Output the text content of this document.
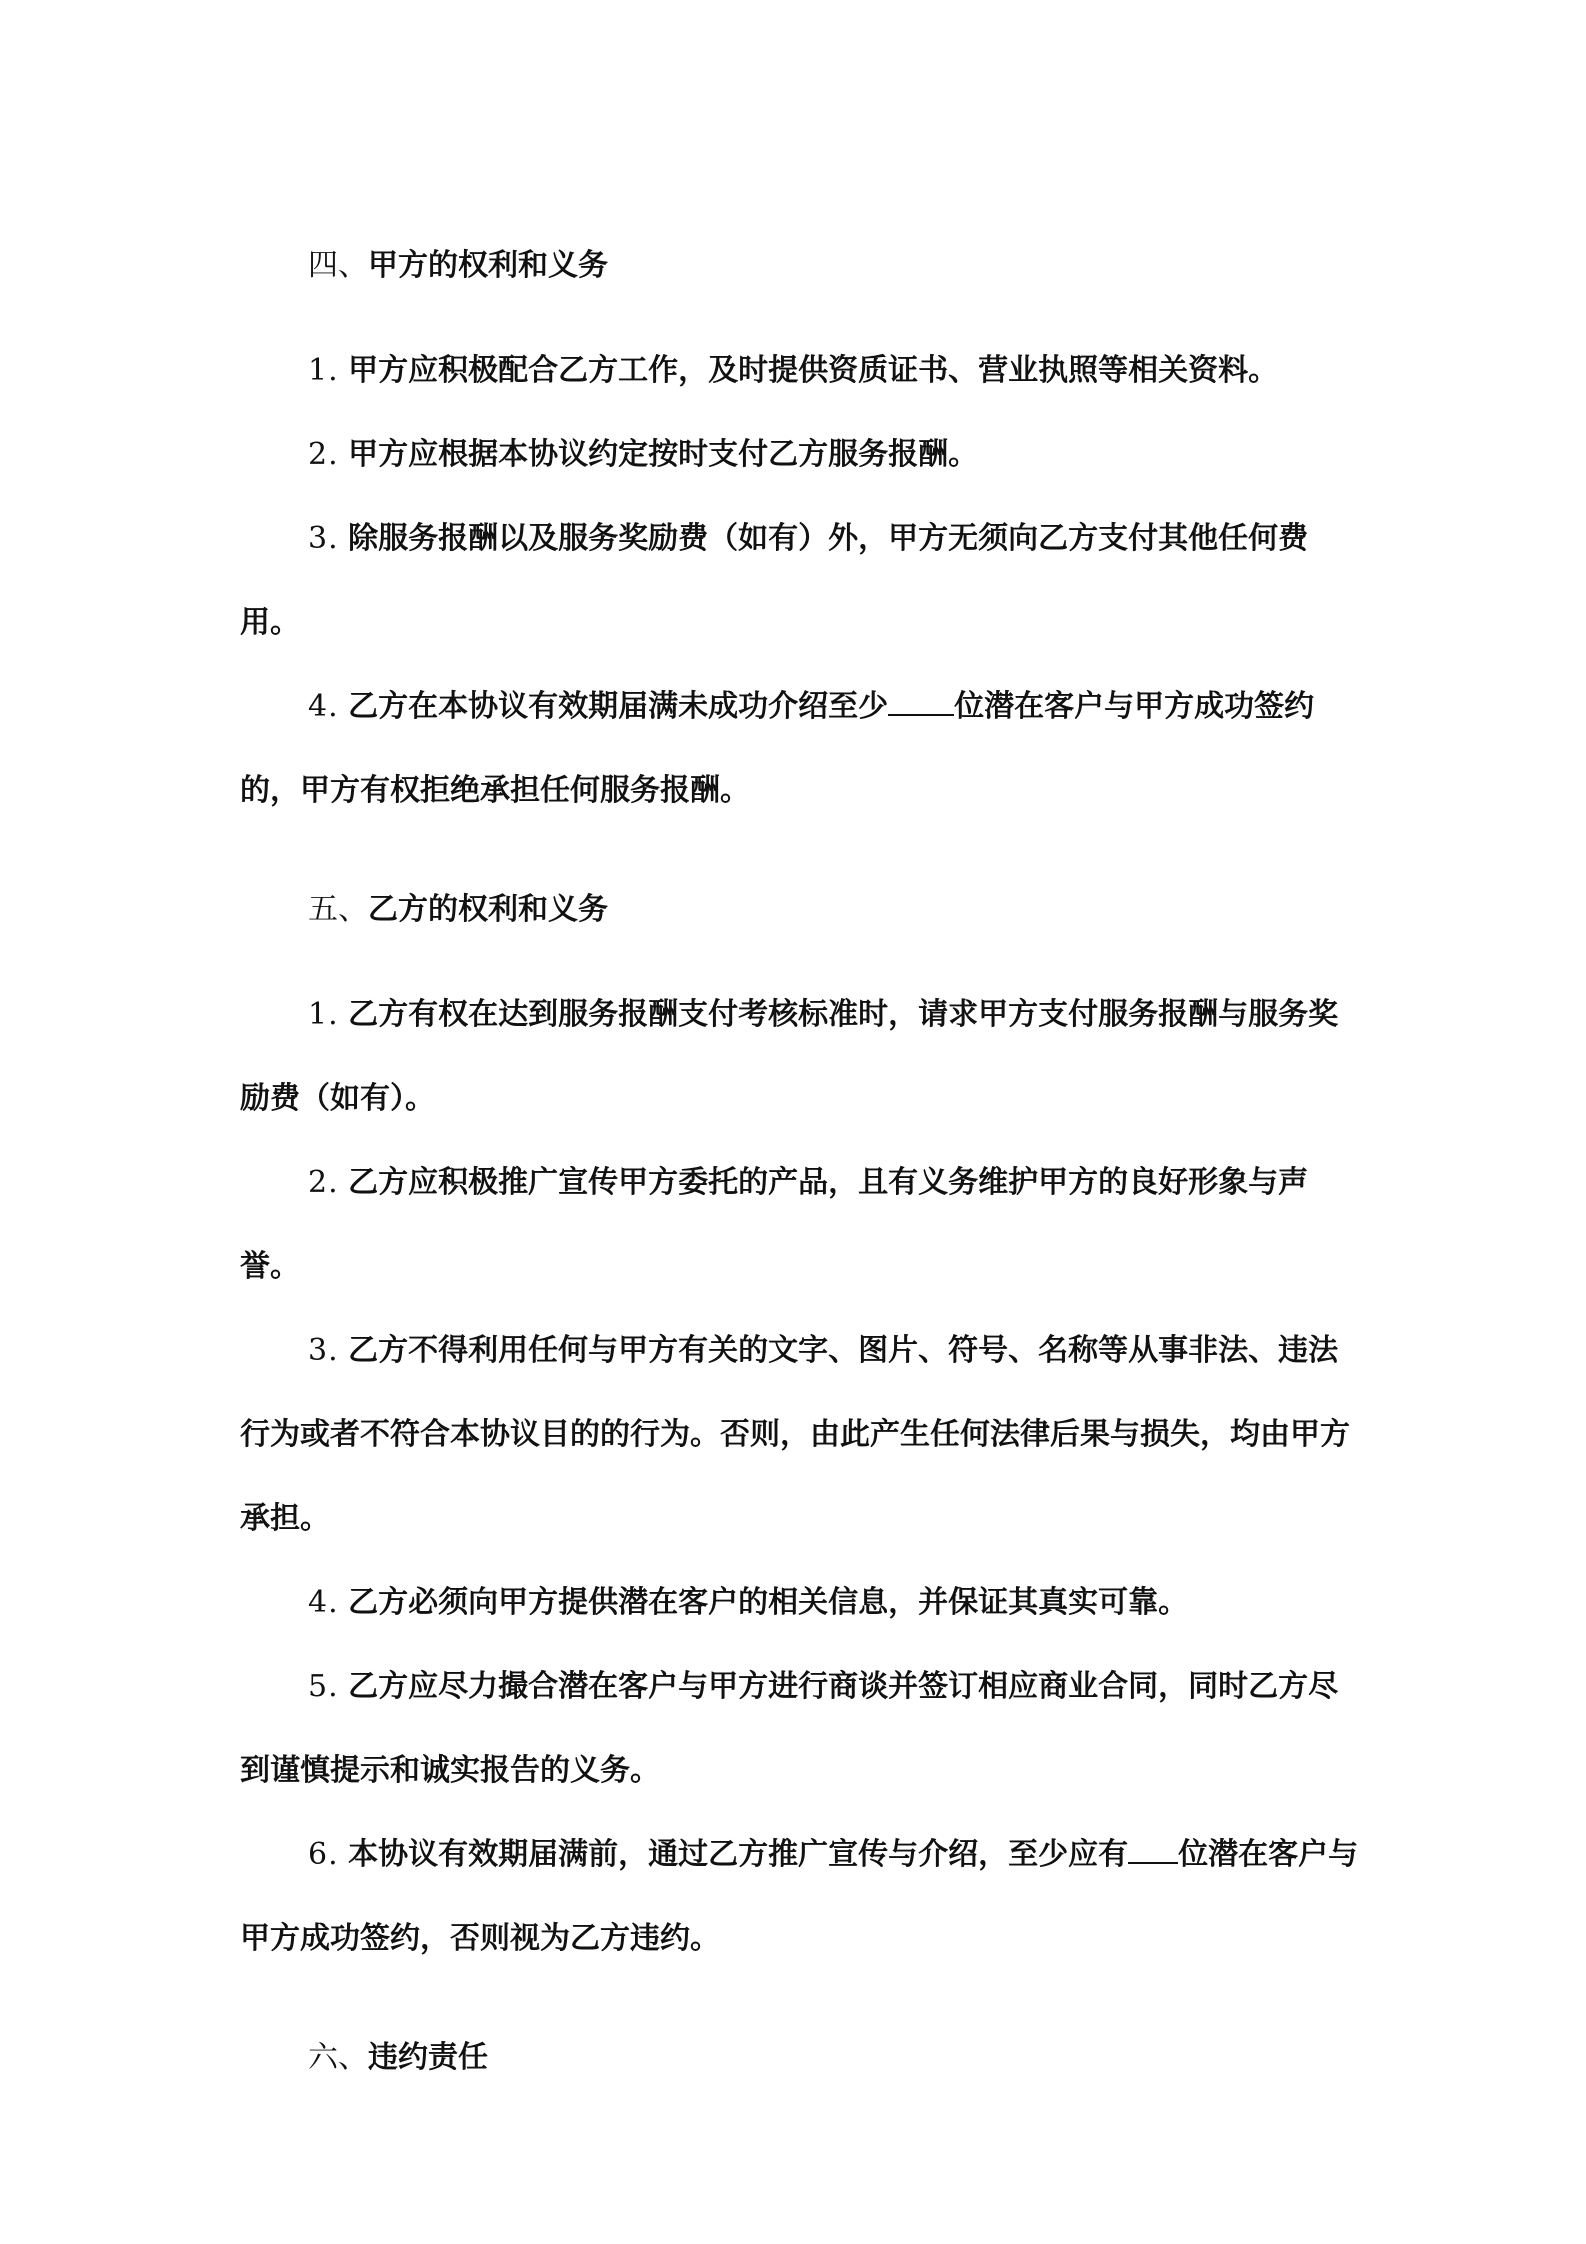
四、甲方的权利和义务

1. 甲方应积极配合乙方工作，及时提供资质证书、营业执照等相关资料。

2. 甲方应根据本协议约定按时支付乙方服务报酬。

3. 除服务报酬以及服务奖励费（如有）外，甲方无须向乙方支付其他任何费用。

4. 乙方在本协议有效期届满未成功介绍至少 位潜在客户与甲方成功签约的，甲方有权拒绝承担任何服务报酬。

五、乙方的权利和义务

1. 乙方有权在达到服务报酬支付考核标准时，请求甲方支付服务报酬与服务奖励费（如有）。

2. 乙方应积极推广宣传甲方委托的产品，且有义务维护甲方的良好形象与声誉。

3. 乙方不得利用任何与甲方有关的文字、图片、符号、名称等从事非法、违法行为或者不符合本协议目的的行为。否则，由此产生任何法律后果与损失，均由甲方承担。

4. 乙方必须向甲方提供潜在客户的相关信息，并保证其真实可靠。

5. 乙方应尽力撮合潜在客户与甲方进行商谈并签订相应商业合同，同时乙方尽到谨慎提示和诚实报告的义务。

6. 本协议有效期届满前，通过乙方推广宣传与介绍，至少应有 位潜在客户与甲方成功签约，否则视为乙方违约。

六、违约责任
